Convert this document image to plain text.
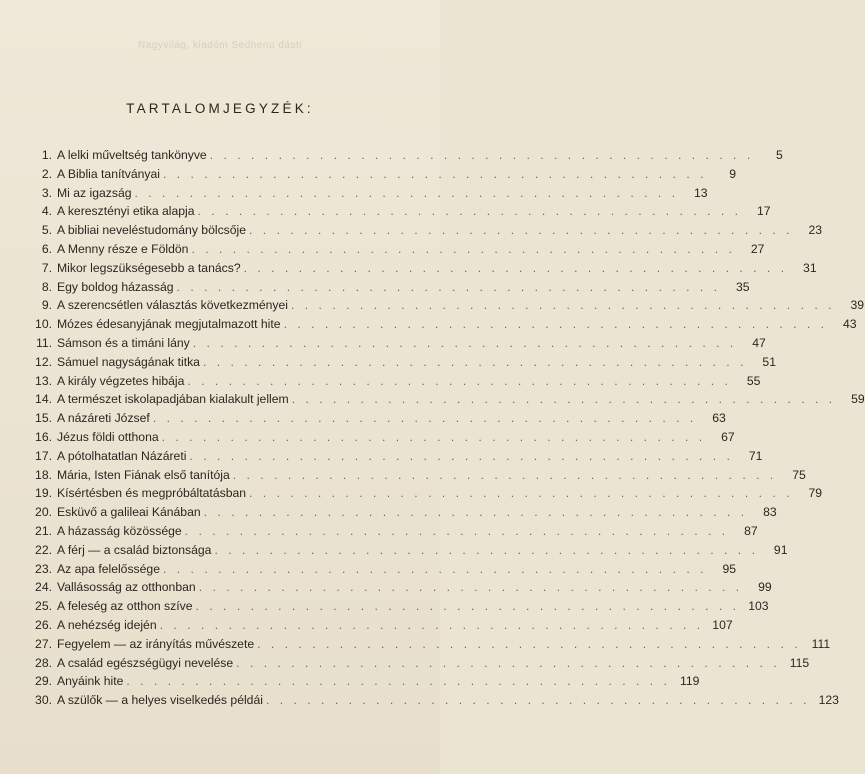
Nagyvilág, kiadóm Sedhenu dásti
TARTALOMJEGYZÉK:
1. A lelki műveltség tankönyve . . . . . . . . . . . . . . . . . . . . . . . . . . . . . . . . . . . . . . . .	5
2. A Biblia tanítványai . . . . . . . . . . . . . . . . . . . . . . . . . . . . . . . . . . . . . . . .	9
3. Mi az igazság . . . . . . . . . . . . . . . . . . . . . . . . . . . . . . . . . . . . . . . .	13
4. A keresztényi etika alapja . . . . . . . . . . . . . . . . . . . . . . . . . . . . . . . . . . . . . . . .	17
5. A bibliai neveléstudomány bölcsője . . . . . . . . . . . . . . . . . . . . . . . . . . . . . . . . . . . . . . . .	23
6. A Menny része e Földön . . . . . . . . . . . . . . . . . . . . . . . . . . . . . . . . . . . . . . . .	27
7. Mikor legszükségesebb a tanács? . . . . . . . . . . . . . . . . . . . . . . . . . . . . . . . . . . . . . . . .	31
8. Egy boldog házasság . . . . . . . . . . . . . . . . . . . . . . . . . . . . . . . . . . . . . . . .	35
9. A szerencsétlen választás következményei . . . . . . . . . . . . . . . . . . . . . . . . . . . . . . . . . . . . . . . .	39
10. Mózes édesanyjának megjutalmazott hite . . . . . . . . . . . . . . . . . . . . . . . . . . . . . . . . . . . . . . . .	43
11. Sámson és a timáni lány . . . . . . . . . . . . . . . . . . . . . . . . . . . . . . . . . . . . . . . .	47
12. Sámuel nagyságának titka . . . . . . . . . . . . . . . . . . . . . . . . . . . . . . . . . . . . . . . .	51
13. A király végzetes hibája . . . . . . . . . . . . . . . . . . . . . . . . . . . . . . . . . . . . . . . .	55
14. A természet iskolapadjában kialakult jellem . . . . . . . . . . . . . . . . . . . . . . . . . . . . . . . . . . . . . . . .	59
15. A názáreti József . . . . . . . . . . . . . . . . . . . . . . . . . . . . . . . . . . . . . . . .	63
16. Jézus földi otthona . . . . . . . . . . . . . . . . . . . . . . . . . . . . . . . . . . . . . . . .	67
17. A pótolhatatlan Názáreti . . . . . . . . . . . . . . . . . . . . . . . . . . . . . . . . . . . . . . . .	71
18. Mária, Isten Fiának első tanítója . . . . . . . . . . . . . . . . . . . . . . . . . . . . . . . . . . . . . . . .	75
19. Kísértésben és megpróbáltatásban . . . . . . . . . . . . . . . . . . . . . . . . . . . . . . . . . . . . . . . .	79
20. Esküvő a galileai Kánában . . . . . . . . . . . . . . . . . . . . . . . . . . . . . . . . . . . . . . . .	83
21. A házasság közössége . . . . . . . . . . . . . . . . . . . . . . . . . . . . . . . . . . . . . . . .	87
22. A férj — a család biztonsága . . . . . . . . . . . . . . . . . . . . . . . . . . . . . . . . . . . . . . . .	91
23. Az apa felelőssége . . . . . . . . . . . . . . . . . . . . . . . . . . . . . . . . . . . . . . . .	95
24. Vallásosság az otthonban . . . . . . . . . . . . . . . . . . . . . . . . . . . . . . . . . . . . . . . .	99
25. A feleség az otthon szíve . . . . . . . . . . . . . . . . . . . . . . . . . . . . . . . . . . . . . . . . 103
26. A nehézség idején . . . . . . . . . . . . . . . . . . . . . . . . . . . . . . . . . . . . . . . . 107
27. Fegyelem — az irányítás művészete . . . . . . . . . . . . . . . . . . . . . . . . . . . . . . . . . . . . . . . . 111
28. A család egészségügyi nevelése . . . . . . . . . . . . . . . . . . . . . . . . . . . . . . . . . . . . . . . . 115
29. Anyáink hite . . . . . . . . . . . . . . . . . . . . . . . . . . . . . . . . . . . . . . . . 119
30. A szülők — a helyes viselkedés példái . . . . . . . . . . . . . . . . . . . . . . . . . . . . . . . . . . . . . . . . 123
